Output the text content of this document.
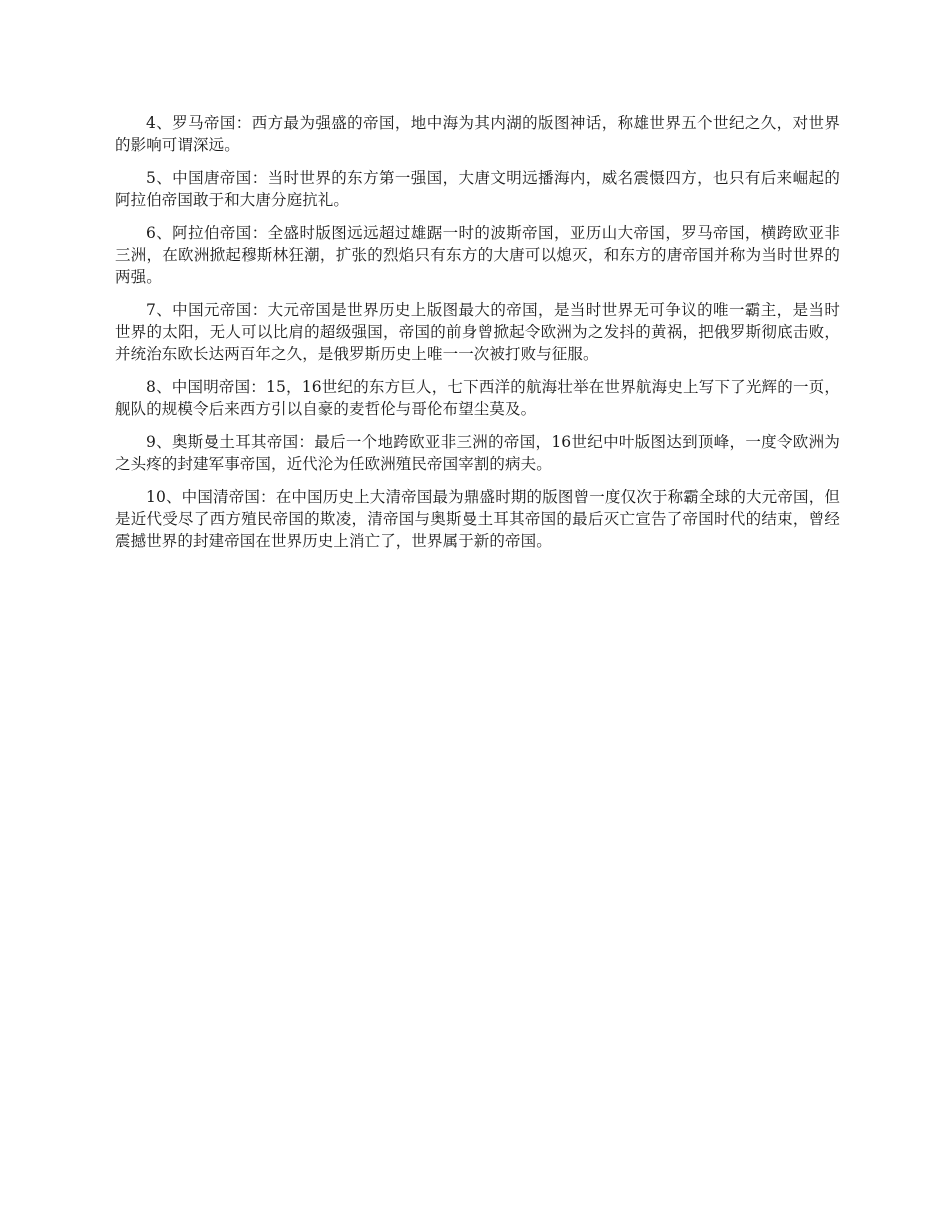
4、罗马帝国：西方最为强盛的帝国，地中海为其内湖的版图神话，称雄世界五个世纪之久，对世界的影响可谓深远。

5、中国唐帝国：当时世界的东方第一强国，大唐文明远播海内，威名震慑四方，也只有后来崛起的阿拉伯帝国敢于和大唐分庭抗礼。

6、阿拉伯帝国：全盛时版图远远超过雄踞一时的波斯帝国，亚历山大帝国，罗马帝国，横跨欧亚非三洲，在欧洲掀起穆斯林狂潮，扩张的烈焰只有东方的大唐可以熄灭，和东方的唐帝国并称为当时世界的两强。

7、中国元帝国：大元帝国是世界历史上版图最大的帝国，是当时世界无可争议的唯一霸主，是当时世界的太阳，无人可以比肩的超级强国，帝国的前身曾掀起令欧洲为之发抖的黄祸，把俄罗斯彻底击败，并统治东欧长达两百年之久，是俄罗斯历史上唯一一次被打败与征服。

8、中国明帝国：15，16世纪的东方巨人，七下西洋的航海壮举在世界航海史上写下了光辉的一页，舰队的规模令后来西方引以自豪的麦哲伦与哥伦布望尘莫及。

9、奥斯曼土耳其帝国：最后一个地跨欧亚非三洲的帝国，16世纪中叶版图达到顶峰，一度令欧洲为之头疼的封建军事帝国，近代沦为任欧洲殖民帝国宰割的病夫。

10、中国清帝国：在中国历史上大清帝国最为鼎盛时期的版图曾一度仅次于称霸全球的大元帝国，但是近代受尽了西方殖民帝国的欺凌，清帝国与奥斯曼土耳其帝国的最后灭亡宣告了帝国时代的结束，曾经震撼世界的封建帝国在世界历史上消亡了，世界属于新的帝国。
